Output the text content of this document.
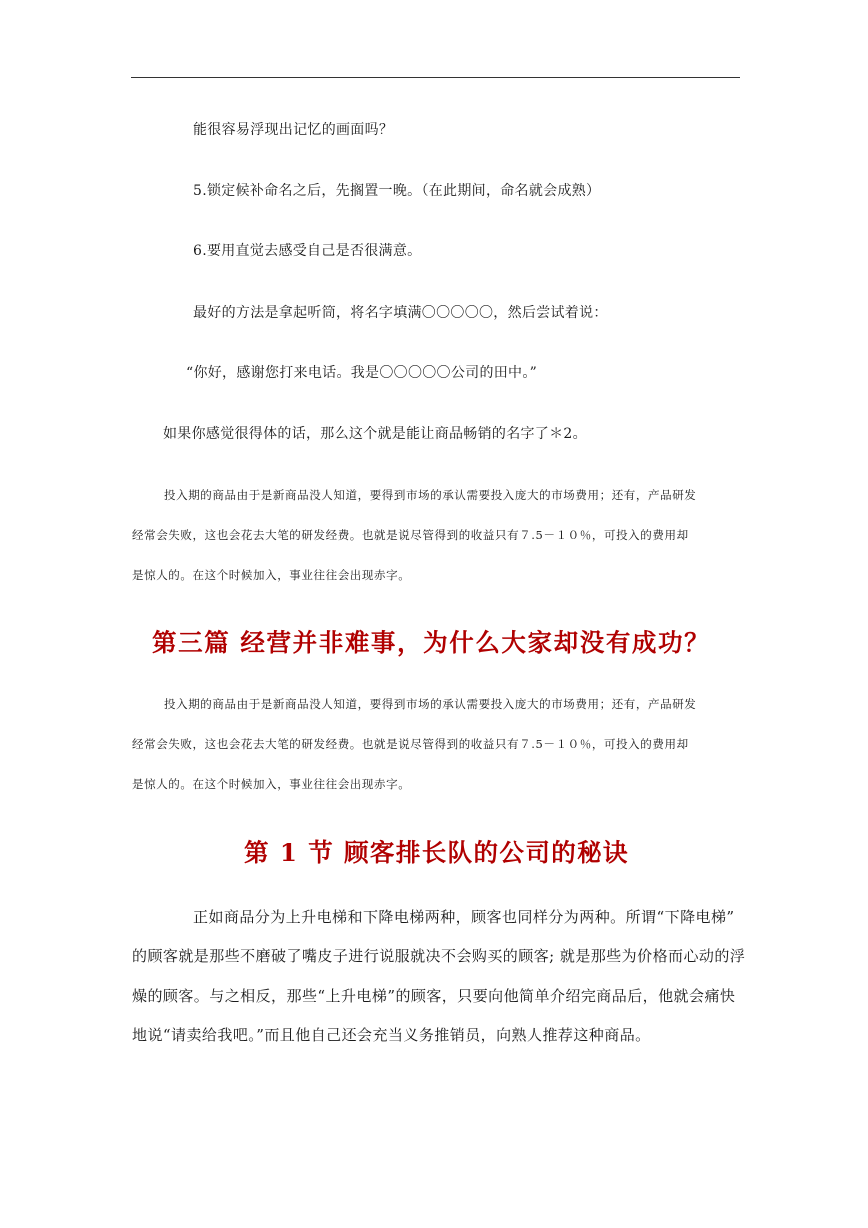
能很容易浮现出记忆的画面吗？

5.锁定候补命名之后，先搁置一晚。（在此期间，命名就会成熟）

6.要用直觉去感受自己是否很满意。

最好的方法是拿起听筒，将名字填满〇〇〇〇〇，然后尝试着说：

“你好，感谢您打来电话。我是〇〇〇〇〇公司的田中。”

如果你感觉很得体的话，那么这个就是能让商品畅销的名字了＊2。

投入期的商品由于是新商品没人知道，要得到市场的承认需要投入庞大的市场费用；还有，产品研发

经常会失败，这也会花去大笔的研发经费。也就是说尽管得到的收益只有７.5－１０％，可投入的费用却

是惊人的。在这个时候加入，事业往往会出现赤字。

第三篇 经营并非难事，为什么大家却没有成功？

投入期的商品由于是新商品没人知道，要得到市场的承认需要投入庞大的市场费用；还有，产品研发

经常会失败，这也会花去大笔的研发经费。也就是说尽管得到的收益只有７.5－１０％，可投入的费用却

是惊人的。在这个时候加入，事业往往会出现赤字。

第 1 节 顾客排长队的公司的秘诀

正如商品分为上升电梯和下降电梯两种，顾客也同样分为两种。所谓“下降电梯”

的顾客就是那些不磨破了嘴皮子进行说服就决不会购买的顾客; 就是那些为价格而心动的浮

燥的顾客。与之相反，那些“上升电梯”的顾客，只要向他简单介绍完商品后，他就会痛快

地说“请卖给我吧。”而且他自己还会充当义务推销员，向熟人推荐这种商品。
